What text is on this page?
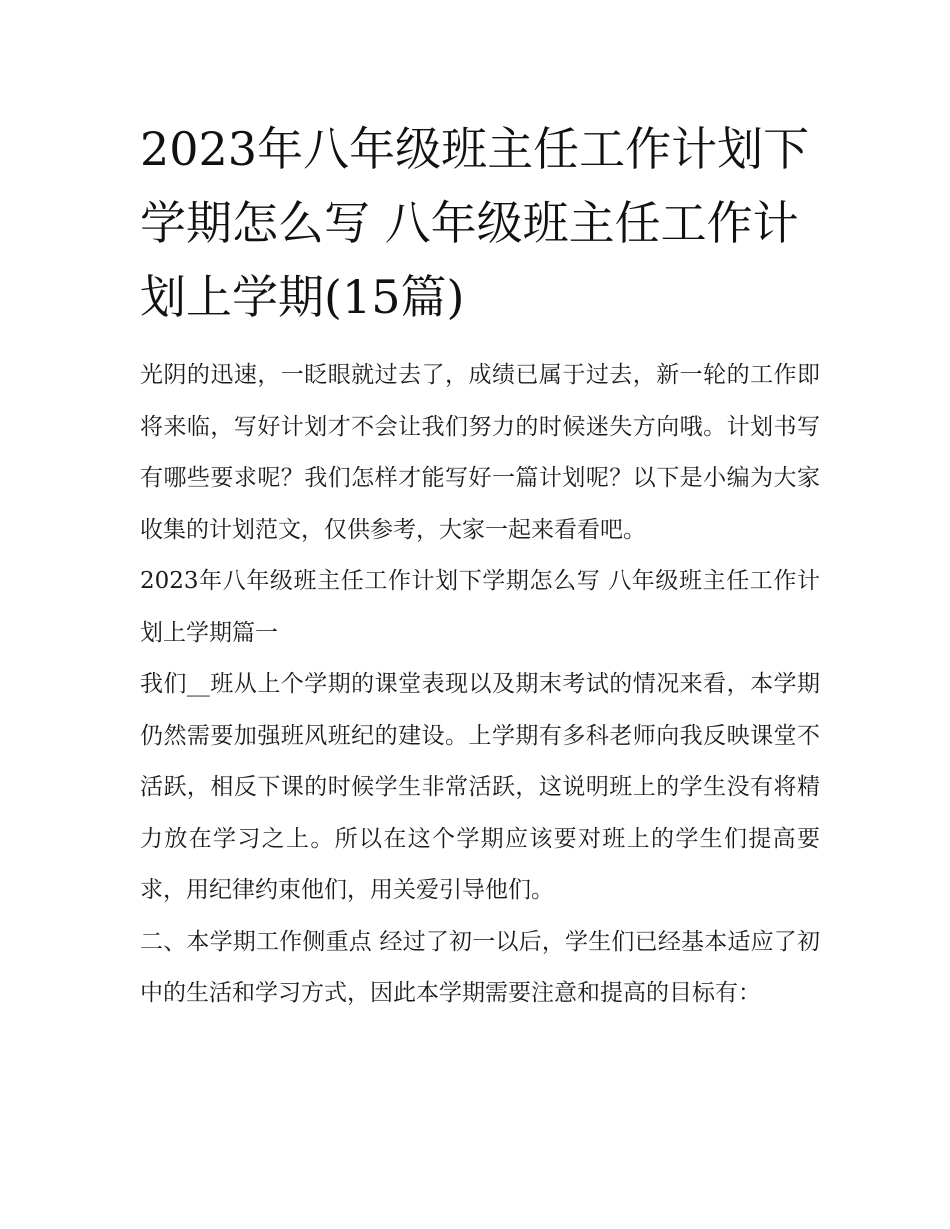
2023年八年级班主任工作计划下学期怎么写 八年级班主任工作计划上学期(15篇)

光阴的迅速，一眨眼就过去了，成绩已属于过去，新一轮的工作即将来临，写好计划才不会让我们努力的时候迷失方向哦。计划书写有哪些要求呢？我们怎样才能写好一篇计划呢？以下是小编为大家收集的计划范文，仅供参考，大家一起来看看吧。

2023年八年级班主任工作计划下学期怎么写 八年级班主任工作计划上学期篇一

我们__班从上个学期的课堂表现以及期末考试的情况来看，本学期仍然需要加强班风班纪的建设。上学期有多科老师向我反映课堂不活跃，相反下课的时候学生非常活跃，这说明班上的学生没有将精力放在学习之上。所以在这个学期应该要对班上的学生们提高要求，用纪律约束他们，用关爱引导他们。

二、本学期工作侧重点 经过了初一以后，学生们已经基本适应了初中的生活和学习方式，因此本学期需要注意和提高的目标有：
